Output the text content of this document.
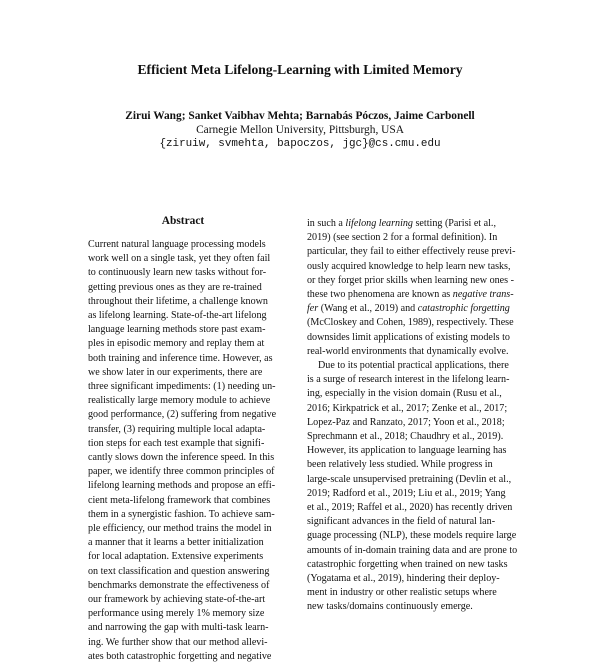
Efficient Meta Lifelong-Learning with Limited Memory
Zirui Wang; Sanket Vaibhav Mehta; Barnabás Póczos, Jaime Carbonell
Carnegie Mellon University, Pittsburgh, USA
{ziruiw, svmehta, bapoczos, jgc}@cs.cmu.edu
Abstract
Current natural language processing models
work well on a single task, yet they often fail
to continuously learn new tasks without for-
getting previous ones as they are re-trained
throughout their lifetime, a challenge known
as lifelong learning. State-of-the-art lifelong
language learning methods store past exam-
ples in episodic memory and replay them at
both training and inference time. However, as
we show later in our experiments, there are
three significant impediments: (1) needing un-
realistically large memory module to achieve
good performance, (2) suffering from negative
transfer, (3) requiring multiple local adapta-
tion steps for each test example that signifi-
cantly slows down the inference speed. In this
paper, we identify three common principles of
lifelong learning methods and propose an effi-
cient meta-lifelong framework that combines
them in a synergistic fashion. To achieve sam-
ple efficiency, our method trains the model in
a manner that it learns a better initialization
for local adaptation. Extensive experiments
on text classification and question answering
benchmarks demonstrate the effectiveness of
our framework by achieving state-of-the-art
performance using merely 1% memory size
and narrowing the gap with multi-task learn-
ing. We further show that our method allevi-
ates both catastrophic forgetting and negative
in such a lifelong learning setting (Parisi et al.,
2019) (see section 2 for a formal definition). In
particular, they fail to either effectively reuse previ-
ously acquired knowledge to help learn new tasks,
or they forget prior skills when learning new ones -
these two phenomena are known as negative trans-
fer (Wang et al., 2019) and catastrophic forgetting
(McCloskey and Cohen, 1989), respectively. These
downsides limit applications of existing models to
real-world environments that dynamically evolve.
Due to its potential practical applications, there
is a surge of research interest in the lifelong learn-
ing, especially in the vision domain (Rusu et al.,
2016; Kirkpatrick et al., 2017; Zenke et al., 2017;
Lopez-Paz and Ranzato, 2017; Yoon et al., 2018;
Sprechmann et al., 2018; Chaudhry et al., 2019).
However, its application to language learning has
been relatively less studied. While progress in
large-scale unsupervised pretraining (Devlin et al.,
2019; Radford et al., 2019; Liu et al., 2019; Yang
et al., 2019; Raffel et al., 2020) has recently driven
significant advances in the field of natural lan-
guage processing (NLP), these models require large
amounts of in-domain training data and are prone to
catastrophic forgetting when trained on new tasks
(Yogatama et al., 2019), hindering their deploy-
ment in industry or other realistic setups where
new tasks/domains continuously emerge.
